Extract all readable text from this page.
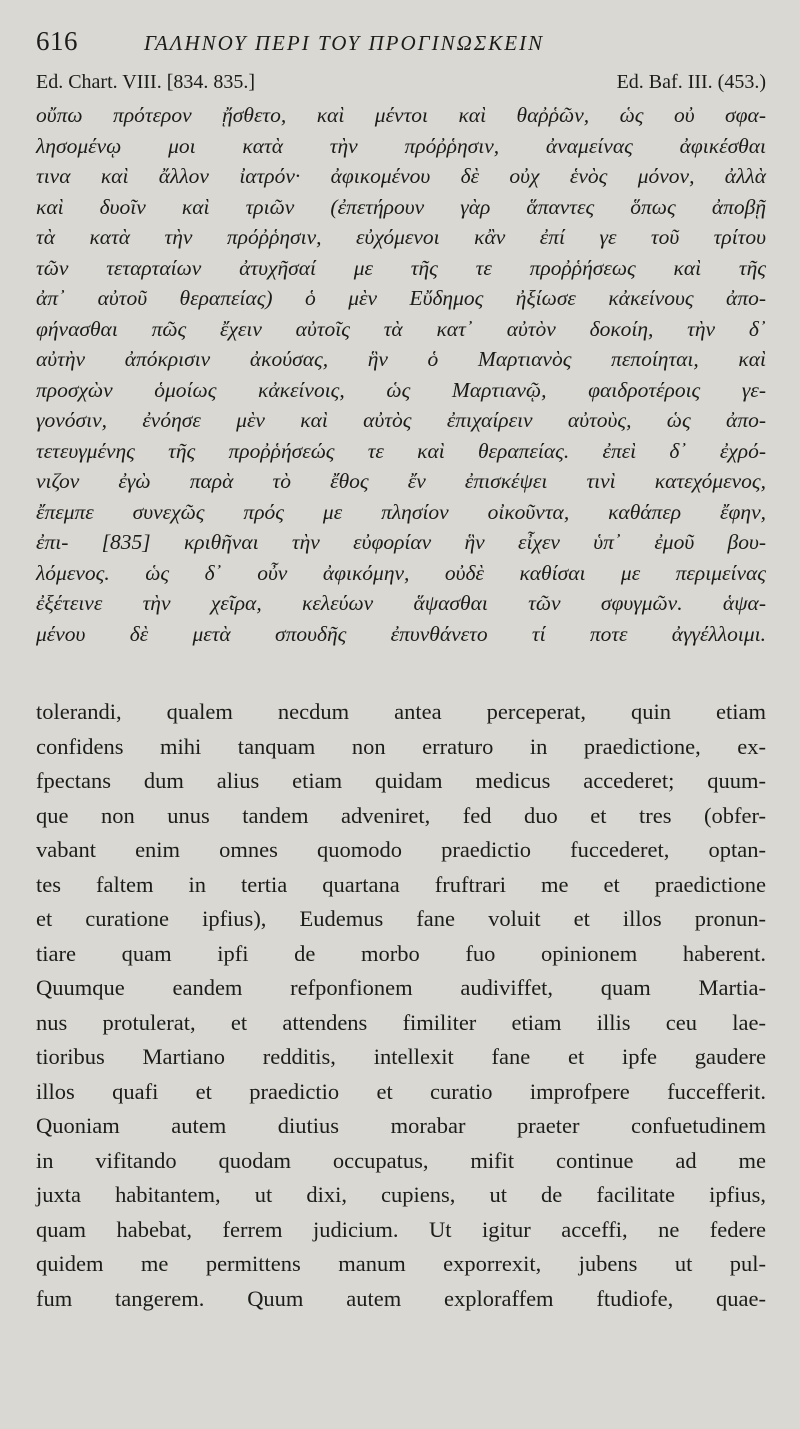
616	ΓΑΛΗΝΟΥ ΠΕΡΙ ΤΟΥ ΠΡΟΓΙΝΩΣΚΕΙΝ
Ed. Chart. VIII. [834. 835.]	Ed. Baf. III. (453.)
οὔπω πρότερον ᾔσθετο, καὶ μέντοι καὶ θαῤῥῶν, ὡς οὐ σφα-
λησομένῳ μοι κατὰ τὴν πρόῤῥησιν, ἀναμείνας ἀφικέσθαι
τινα καὶ ἄλλον ἰατρόν· ἀφικομένου δὲ οὐχ ἑνὸς μόνον, ἀλλὰ
καὶ δυοῖν καὶ τριῶν (ἐπετήρουν γὰρ ἅπαντες ὅπως ἀποβῇ
τὰ κατὰ τὴν πρόῤῥησιν, εὐχόμενοι κἂν ἐπί γε τοῦ τρίτου
τῶν τεταρταίων ἀτυχῆσαί με τῆς τε προῤῥήσεως καὶ τῆς
ἀπ᾿ αὐτοῦ θεραπείας) ὁ μὲν Εὔδημος ἠξίωσε κἀκείνους ἀπο-
φήνασθαι πῶς ἔχειν αὐτοῖς τὰ κατ᾿ αὐτὸν δοκοίη, τὴν δ᾿
αὐτὴν ἀπόκρισιν ἀκούσας, ἣν ὁ Μαρτιανὸς πεποίηται, καὶ
προσχὼν ὁμοίως κἀκείνοις, ὡς Μαρτιανῷ, φαιδροτέροις γε-
γονόσιν, ἐνόησε μὲν καὶ αὐτὸς ἐπιχαίρειν αὐτοὺς, ὡς ἀπο-
τετευγμένης τῆς προῤῥήσεώς τε καὶ θεραπείας. ἐπεὶ δ᾿ ἐχρό-
νιζον ἐγὼ παρὰ τὸ ἔθος ἔν ἐπισκέψει τινὶ κατεχόμενος,
ἔπεμπε συνεχῶς πρός με πλησίον οἰκοῦντα, καθάπερ ἔφην,
ἐπι- [835] κριθῆναι τὴν εὐφορίαν ἣν εἶχεν ὑπ᾿ ἐμοῦ βου-
λόμενος. ὡς δ᾿ οὖν ἀφικόμην, οὐδὲ καθίσαι με περιμείνας
ἐξέτεινε τὴν χεῖρα, κελεύων ἅψασθαι τῶν σφυγμῶν. ἁψα-
μένου δὲ μετὰ σπουδῆς ἐπυνθάνετο τί ποτε ἀγγέλλοιμι.
tolerandi, qualem necdum antea perceperat, quin etiam
confidens mihi tanquam non erraturo in praedictione, ex-
fpectans dum alius etiam quidam medicus accederet; quum-
que non unus tandem adveniret, fed duo et tres (obfer-
vabant enim omnes quomodo praedictio fuccederet, optan-
tes faltem in tertia quartana fruftrari me et praedictione
et curatione ipfius), Eudemus fane voluit et illos pronun-
tiare quam ipfi de morbo fuo opinionem haberent.
Quumque eandem refponfionem audiviffet, quam Martia-
nus protulerat, et attendens fimiliter etiam illis ceu lae-
tioribus Martiano redditis, intellexit fane et ipfe gaudere
illos quafi et praedictio et curatio improfpere fucceffеrit.
Quoniam autem diutius morabar praeter confuetudinem
in vifitando quodam occupatus, mifit continue ad me
juxta habitantem, ut dixi, cupiens, ut de facilitate ipfius,
quam habebat, ferrem judicium. Ut igitur acceffi, ne federe
quidem me permittens manum exporrexit, jubens ut pul-
fum tangerem. Quum autem exploraffem ftudiofe, quae-
